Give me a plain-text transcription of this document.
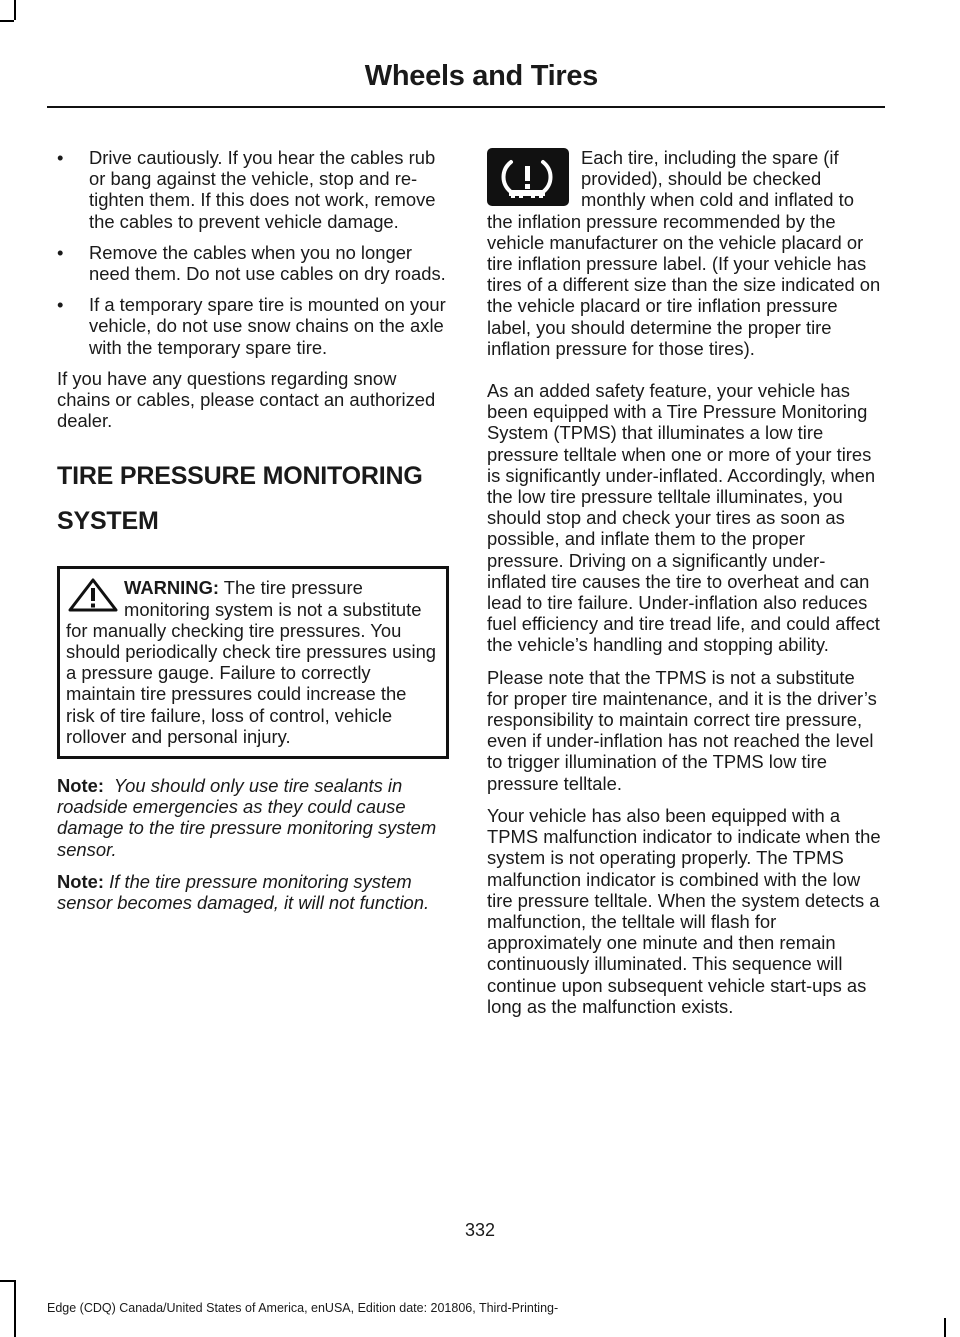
Wheels and Tires
• Drive cautiously. If you hear the cables rub or bang against the vehicle, stop and re-tighten them. If this does not work, remove the cables to prevent vehicle damage.
• Remove the cables when you no longer need them. Do not use cables on dry roads.
• If a temporary spare tire is mounted on your vehicle, do not use snow chains on the axle with the temporary spare tire.

If you have any questions regarding snow chains or cables, please contact an authorized dealer.

TIRE PRESSURE MONITORING
SYSTEM
WARNING: The tire pressure monitoring system is not a substitute for manually checking tire pressures. You should periodically check tire pressures using a pressure gauge. Failure to correctly maintain tire pressures could increase the risk of tire failure, loss of control, vehicle rollover and personal injury.

Note: You should only use tire sealants in roadside emergencies as they could cause damage to the tire pressure monitoring system sensor.

Note: If the tire pressure monitoring system sensor becomes damaged, it will not function.

Each tire, including the spare (if provided), should be checked monthly when cold and inflated to the inflation pressure recommended by the vehicle manufacturer on the vehicle placard or tire inflation pressure label. (If your vehicle has tires of a different size than the size indicated on the vehicle placard or tire inflation pressure label, you should determine the proper tire inflation pressure for those tires).

As an added safety feature, your vehicle has been equipped with a Tire Pressure Monitoring System (TPMS) that illuminates a low tire pressure telltale when one or more of your tires is significantly under-inflated. Accordingly, when the low tire pressure telltale illuminates, you should stop and check your tires as soon as possible, and inflate them to the proper pressure. Driving on a significantly under-inflated tire causes the tire to overheat and can lead to tire failure. Under-inflation also reduces fuel efficiency and tire tread life, and could affect the vehicle’s handling and stopping ability.

Please note that the TPMS is not a substitute for proper tire maintenance, and it is the driver’s responsibility to maintain correct tire pressure, even if under-inflation has not reached the level to trigger illumination of the TPMS low tire pressure telltale.

Your vehicle has also been equipped with a TPMS malfunction indicator to indicate when the system is not operating properly. The TPMS malfunction indicator is combined with the low tire pressure telltale. When the system detects a malfunction, the telltale will flash for approximately one minute and then remain continuously illuminated. This sequence will continue upon subsequent vehicle start-ups as long as the malfunction exists.

332
Edge (CDQ) Canada/United States of America, enUSA, Edition date: 201806, Third-Printing-
